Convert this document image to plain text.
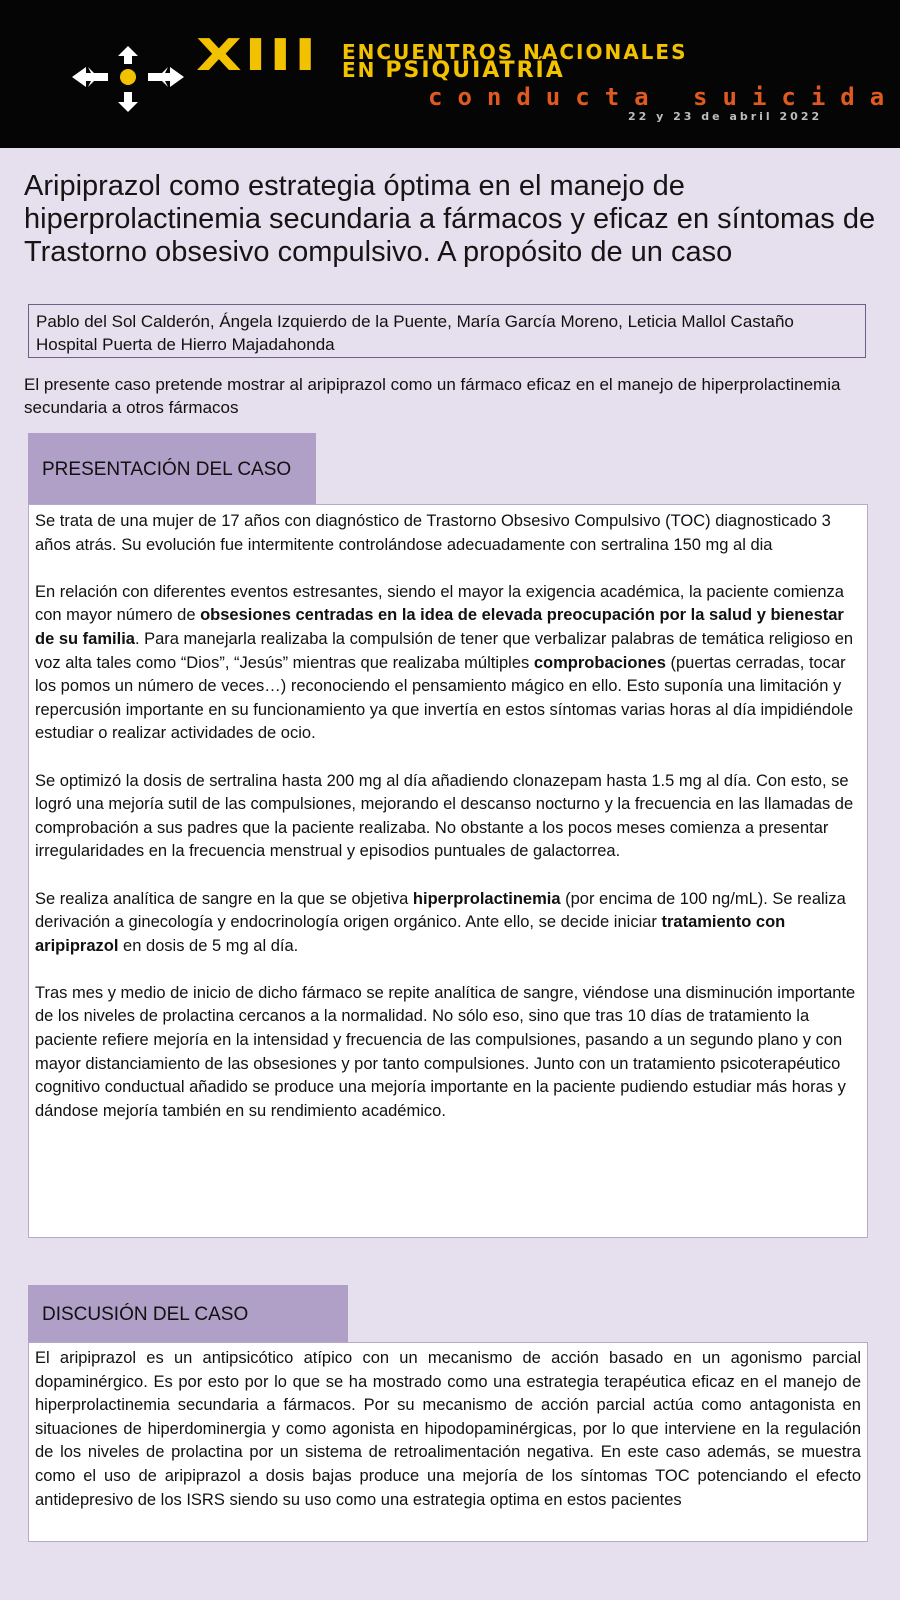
XIII ENCUENTROS NACIONALES
EN PSIQUIATRÍA
conducta suicida
22 y 23 de abril 2022
Aripiprazol como estrategia óptima en el manejo de hiperprolactinemia secundaria a fármacos y eficaz en síntomas de Trastorno obsesivo compulsivo. A propósito de un caso
Pablo del Sol Calderón, Ángela Izquierdo de la Puente, María García Moreno, Leticia Mallol Castaño
Hospital Puerta de Hierro Majadahonda
El presente caso pretende mostrar al aripiprazol como un fármaco eficaz en el manejo de hiperprolactinemia secundaria a otros fármacos
PRESENTACIÓN DEL CASO

Se trata de una mujer de 17 años con diagnóstico de Trastorno Obsesivo Compulsivo (TOC) diagnosticado 3 años atrás. Su evolución fue intermitente controlándose adecuadamente con sertralina 150 mg al dia

En relación con diferentes eventos estresantes, siendo el mayor la exigencia académica, la paciente comienza con mayor número de obsesiones centradas en la idea de elevada preocupación por la salud y bienestar de su familia. Para manejarla realizaba la compulsión de tener que verbalizar palabras de temática religioso en voz alta tales como “Dios”, “Jesús” mientras que realizaba múltiples comprobaciones (puertas cerradas, tocar los pomos un número de veces…) reconociendo el pensamiento mágico en ello. Esto suponía una limitación y repercusión importante en su funcionamiento ya que invertía en estos síntomas varias horas al día impidiéndole estudiar o realizar actividades de ocio.

Se optimizó la dosis de sertralina hasta 200 mg al día añadiendo clonazepam hasta 1.5 mg al día. Con esto, se logró una mejoría sutil de las compulsiones, mejorando el descanso nocturno y la frecuencia en las llamadas de comprobación a sus padres que la paciente realizaba. No obstante a los pocos meses comienza a presentar irregularidades en la frecuencia menstrual y episodios puntuales de galactorrea.

Se realiza analítica de sangre en la que se objetiva hiperprolactinemia (por encima de 100 ng/mL). Se realiza derivación a ginecología y endocrinología origen orgánico. Ante ello, se decide iniciar tratamiento con aripiprazol en dosis de 5 mg al día.

Tras mes y medio de inicio de dicho fármaco se repite analítica de sangre, viéndose una disminución importante de los niveles de prolactina cercanos a la normalidad. No sólo eso, sino que tras 10 días de tratamiento la paciente refiere mejoría en la intensidad y frecuencia de las compulsiones, pasando a un segundo plano y con mayor distanciamiento de las obsesiones y por tanto compulsiones. Junto con un tratamiento psicoterapéutico cognitivo conductual añadido se produce una mejoría importante en la paciente pudiendo estudiar más horas y dándose mejoría también en su rendimiento académico.

DISCUSIÓN DEL CASO

El aripiprazol es un antipsicótico atípico con un mecanismo de acción basado en un agonismo parcial dopaminérgico. Es por esto por lo que se ha mostrado como una estrategia terapéutica eficaz en el manejo de hiperprolactinemia secundaria a fármacos. Por su mecanismo de acción parcial actúa como antagonista en situaciones de hiperdominergia y como agonista en hipodopaminérgicas, por lo que interviene en la regulación de los niveles de prolactina por un sistema de retroalimentación negativa. En este caso además, se muestra como el uso de aripiprazol a dosis bajas produce una mejoría de los síntomas TOC potenciando el efecto antidepresivo de los ISRS siendo su uso como una estrategia optima en estos pacientes
